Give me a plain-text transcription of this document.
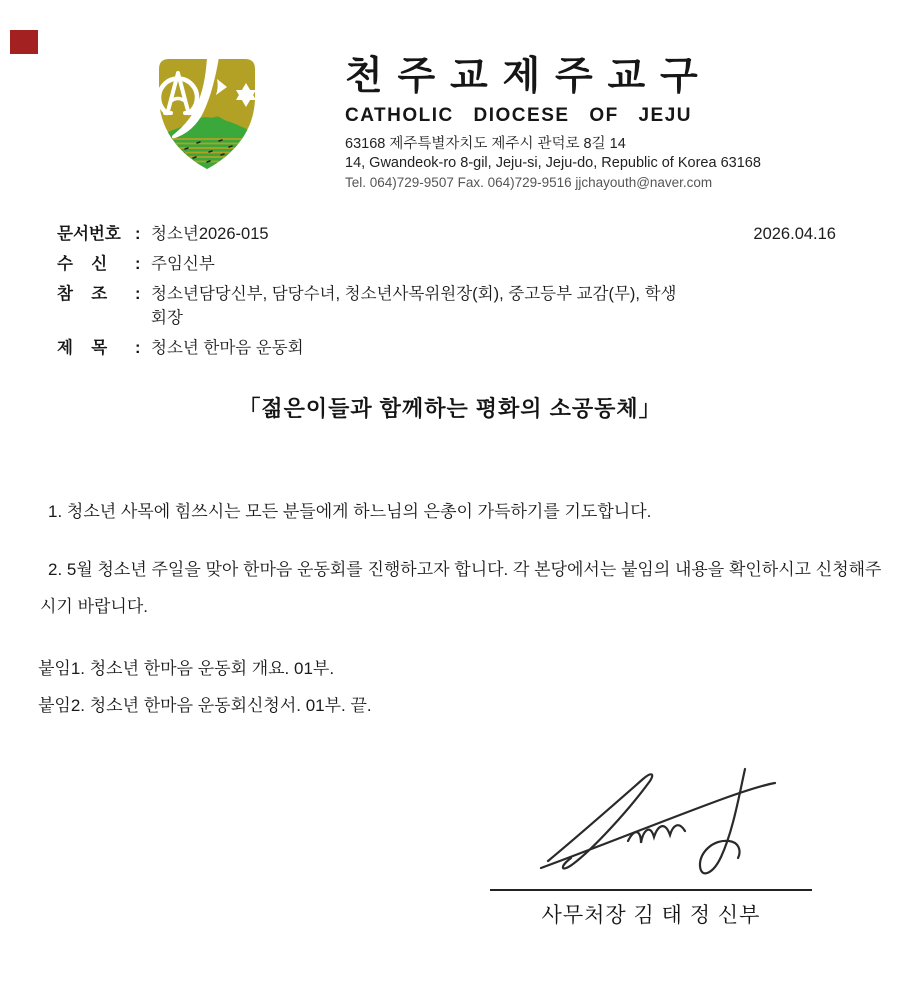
천 주 교 제 주 교 구
CATHOLIC DIOCESE OF JEJU
63168 제주특별자치도 제주시 관덕로 8길 14
14, Gwandeok-ro 8-gil, Jeju-si, Jeju-do, Republic of Korea 63168
Tel. 064)729-9507 Fax. 064)729-9516 jjchayouth@naver.com
문서번호 : 청소년2026-015	2026.04.16
수    신	: 주임신부
참    조	: 청소년담당신부, 담당수녀, 청소년사목위원장(회), 중고등부 교감(무), 학생
회장
제    목	: 청소년 한마음 운동회
「젊은이들과 함께하는 평화의 소공동체」
1. 청소년 사목에 힘쓰시는 모든 분들에게 하느님의 은총이 가득하기를 기도합니다.
2. 5월 청소년 주일을 맞아 한마음 운동회를 진행하고자 합니다. 각 본당에서는 붙임의 내용을 확인하시고 신청해주시기 바랍니다.
붙임1. 청소년 한마음 운동회 개요. 01부.
붙임2. 청소년 한마음 운동회신청서. 01부. 끝.
사무처장 김 태 정 신부
